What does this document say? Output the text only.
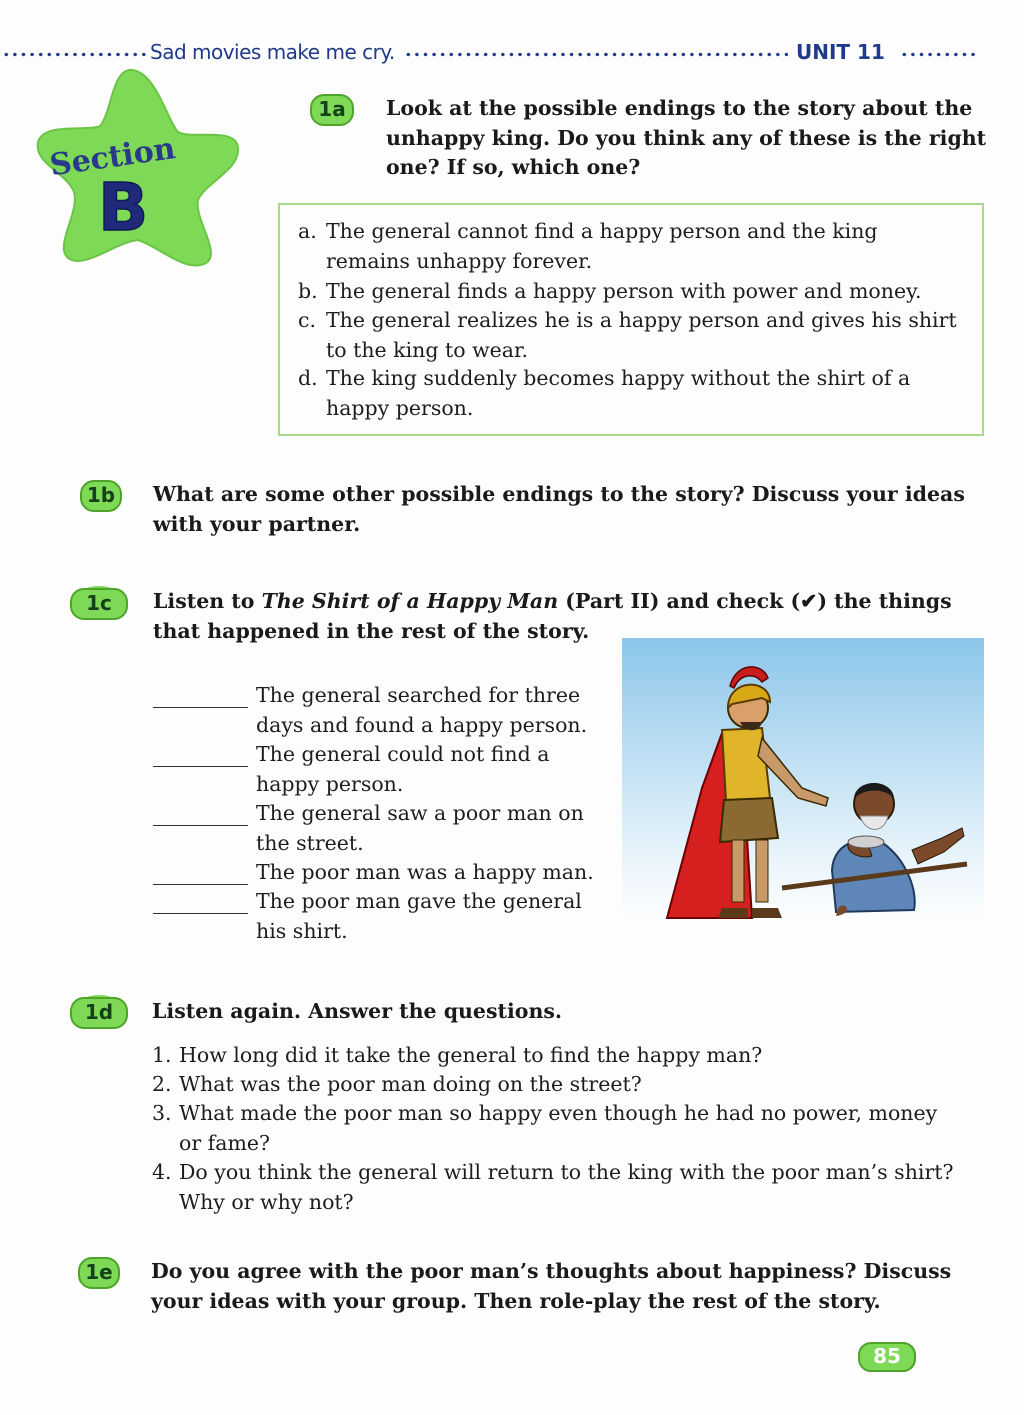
Sad movies make me cry.	UNIT 11
Section
B
1a	Look at the possible endings to the story about the
unhappy king. Do you think any of these is the right
one? If so, which one?
a. The general cannot find a happy person and the king
remains unhappy forever.
b. The general finds a happy person with power and money.
c. The general realizes he is a happy person and gives his shirt
to the king to wear.
d. The king suddenly becomes happy without the shirt of a
happy person.
1b	What are some other possible endings to the story? Discuss your ideas
with your partner.
1c	Listen to The Shirt of a Happy Man (Part II) and check (✔) the things
that happened in the rest of the story.
The general searched for three
days and found a happy person.
The general could not find a
happy person.
The general saw a poor man on
the street.
The poor man was a happy man.
The poor man gave the general
his shirt.
1d	Listen again. Answer the questions.
1. How long did it take the general to find the happy man?
2. What was the poor man doing on the street?
3. What made the poor man so happy even though he had no power, money
or fame?
4. Do you think the general will return to the king with the poor man’s shirt?
Why or why not?
1e	Do you agree with the poor man’s thoughts about happiness? Discuss
your ideas with your group. Then role-play the rest of the story.
85
